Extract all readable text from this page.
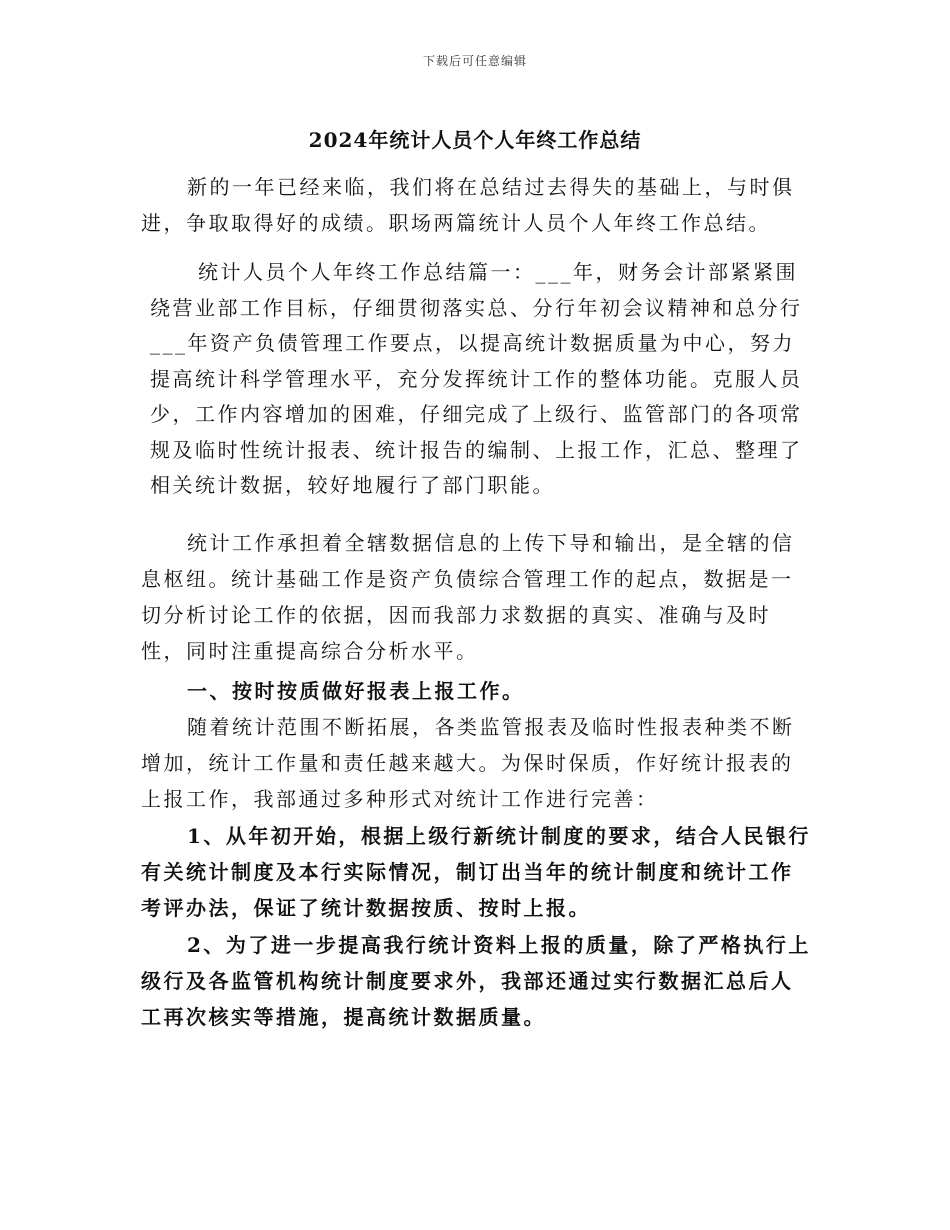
下载后可任意编辑
2024年统计人员个人年终工作总结

新的一年已经来临，我们将在总结过去得失的基础上，与时俱进，争取取得好的成绩。职场两篇统计人员个人年终工作总结。

统计人员个人年终工作总结篇一：___年，财务会计部紧紧围绕营业部工作目标，仔细贯彻落实总、分行年初会议精神和总分行___年资产负债管理工作要点，以提高统计数据质量为中心，努力提高统计科学管理水平，充分发挥统计工作的整体功能。克服人员少，工作内容增加的困难，仔细完成了上级行、监管部门的各项常规及临时性统计报表、统计报告的编制、上报工作，汇总、整理了相关统计数据，较好地履行了部门职能。

统计工作承担着全辖数据信息的上传下导和输出，是全辖的信息枢纽。统计基础工作是资产负债综合管理工作的起点，数据是一切分析讨论工作的依据，因而我部力求数据的真实、准确与及时性，同时注重提高综合分析水平。

一、按时按质做好报表上报工作。

随着统计范围不断拓展，各类监管报表及临时性报表种类不断增加，统计工作量和责任越来越大。为保时保质，作好统计报表的上报工作，我部通过多种形式对统计工作进行完善：

1、从年初开始，根据上级行新统计制度的要求，结合人民银行有关统计制度及本行实际情况，制订出当年的统计制度和统计工作考评办法，保证了统计数据按质、按时上报。

2、为了进一步提高我行统计资料上报的质量，除了严格执行上级行及各监管机构统计制度要求外，我部还通过实行数据汇总后人工再次核实等措施，提高统计数据质量。
